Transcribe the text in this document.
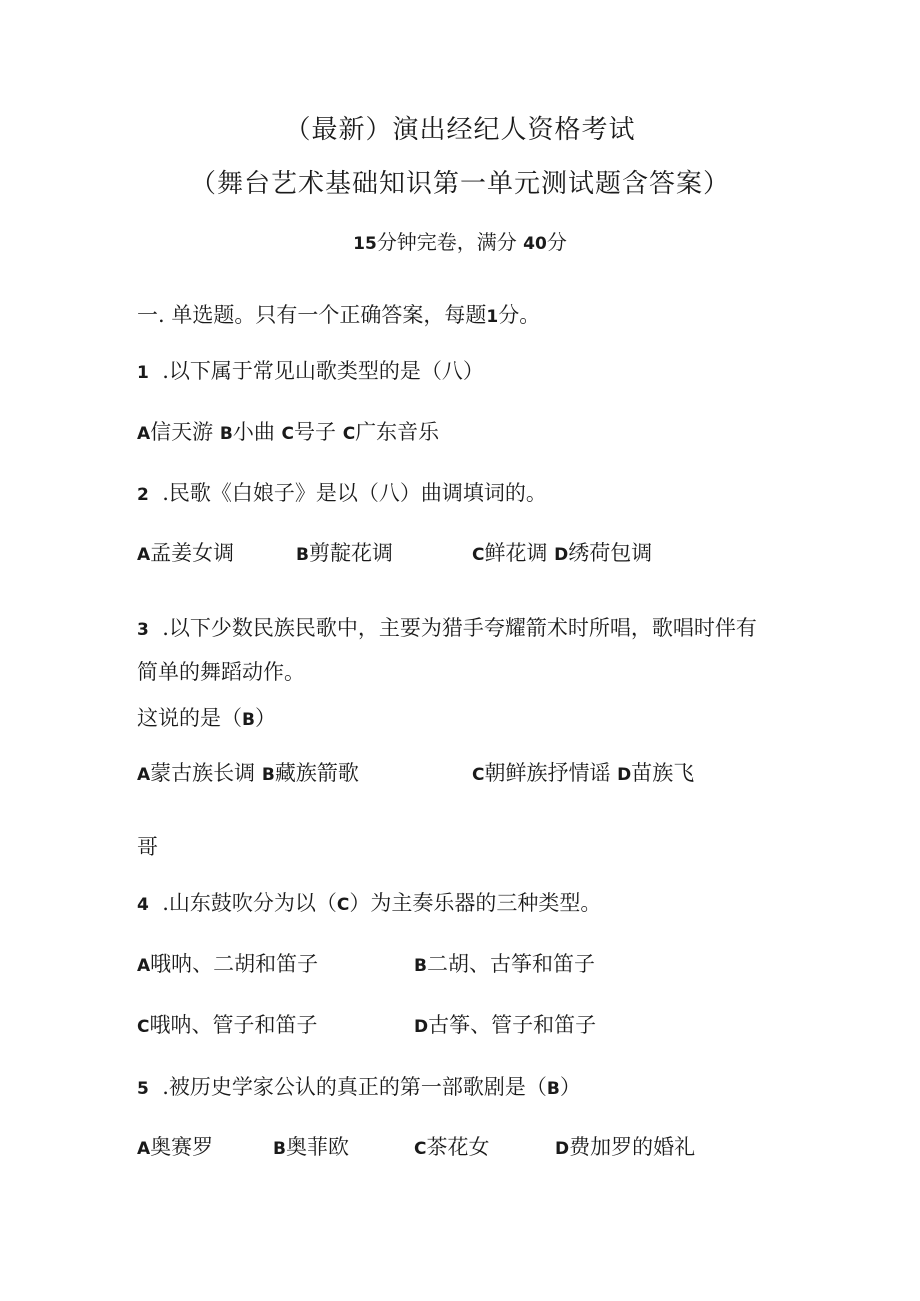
（最新）演出经纪人资格考试
（舞台艺术基础知识第一单元测试题含答案）
15分钟完卷，满分 40分
一. 单选题。只有一个正确答案，每题1分。
1 .以下属于常见山歌类型的是（八）
A信天游 B小曲 C号子 C广东音乐
2 .民歌《白娘子》是以（八）曲调填词的。
A孟姜女调	B剪靛花调	C鲜花调 D绣荷包调
3 .以下少数民族民歌中，主要为猎手夸耀箭术时所唱，歌唱时伴有
简单的舞蹈动作。
这说的是（B）
A蒙古族长调 B藏族箭歌	C朝鲜族抒情谣 D苗族飞
哥
4 .山东鼓吹分为以（C）为主奏乐器的三种类型。
A哦呐、二胡和笛子	B二胡、古筝和笛子
C哦呐、管子和笛子	D古筝、管子和笛子
5 .被历史学家公认的真正的第一部歌剧是（B）
A奥赛罗	B奥菲欧	C茶花女	D费加罗的婚礼
